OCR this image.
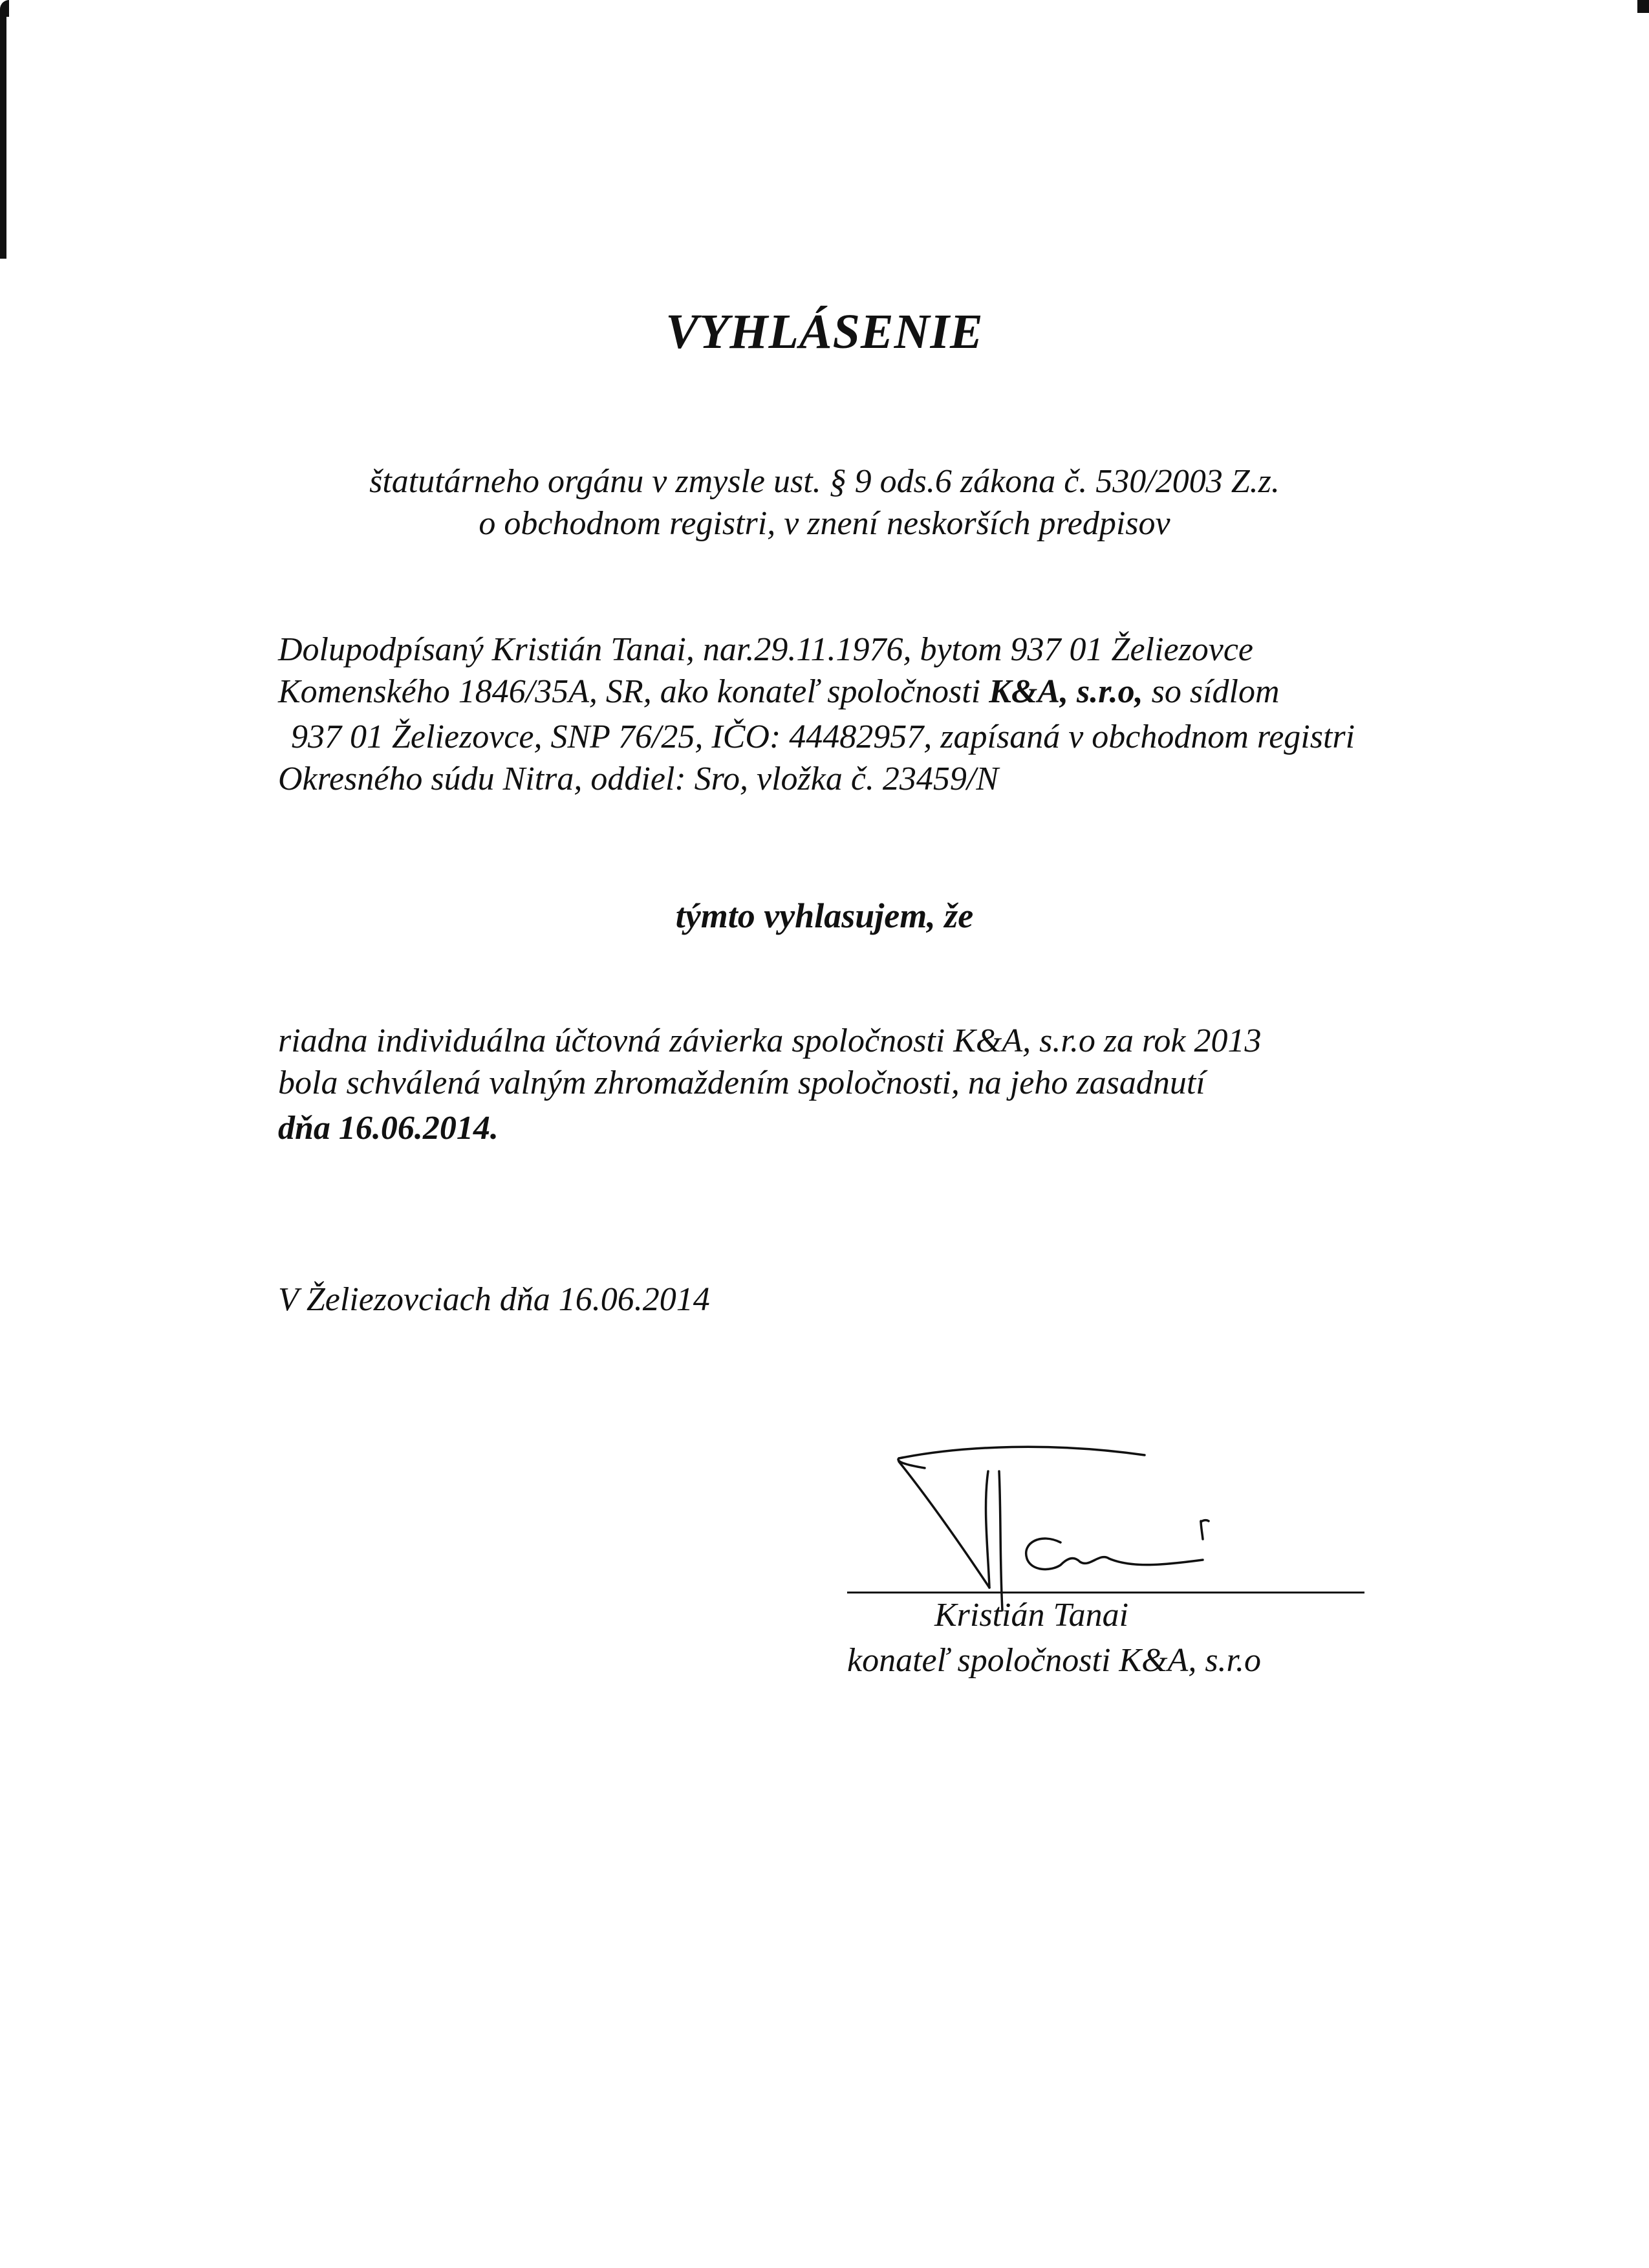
VYHLÁSENIE
štatutárneho orgánu v zmysle ust. § 9 ods.6 zákona č. 530/2003 Z.z.
o obchodnom registri, v znení neskorších predpisov
Dolupodpísaný Kristián Tanai, nar.29.11.1976, bytom 937 01 Želiezovce
Komenského 1846/35A, SR, ako konateľ spoločnosti K&A, s.r.o, so sídlom
937 01 Želiezovce, SNP 76/25, IČO: 44482957, zapísaná v obchodnom registri
Okresného súdu Nitra, oddiel: Sro, vložka č. 23459/N
týmto vyhlasujem, že
riadna individuálna účtovná závierka spoločnosti K&A, s.r.o za rok 2013
bola schválená valným zhromaždením spoločnosti, na jeho zasadnutí
dňa 16.06.2014.
V Želiezovciach dňa 16.06.2014
Kristián Tanai
konateľ spoločnosti K&A, s.r.o
